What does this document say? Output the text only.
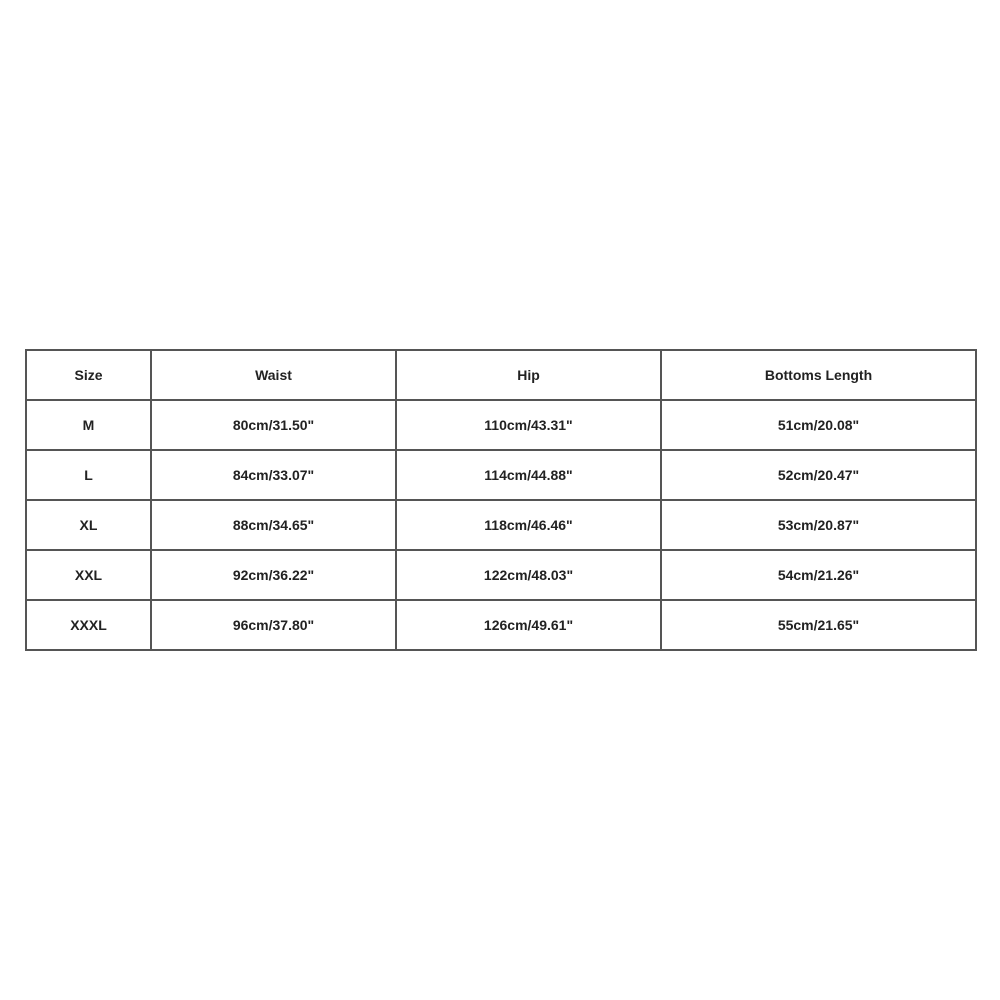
Size	Waist	Hip	Bottoms Length
M	80cm/31.50"	110cm/43.31"	51cm/20.08"
L	84cm/33.07"	114cm/44.88"	52cm/20.47"
XL	88cm/34.65"	118cm/46.46"	53cm/20.87"
XXL	92cm/36.22"	122cm/48.03"	54cm/21.26"
XXXL	96cm/37.80"	126cm/49.61"	55cm/21.65"
